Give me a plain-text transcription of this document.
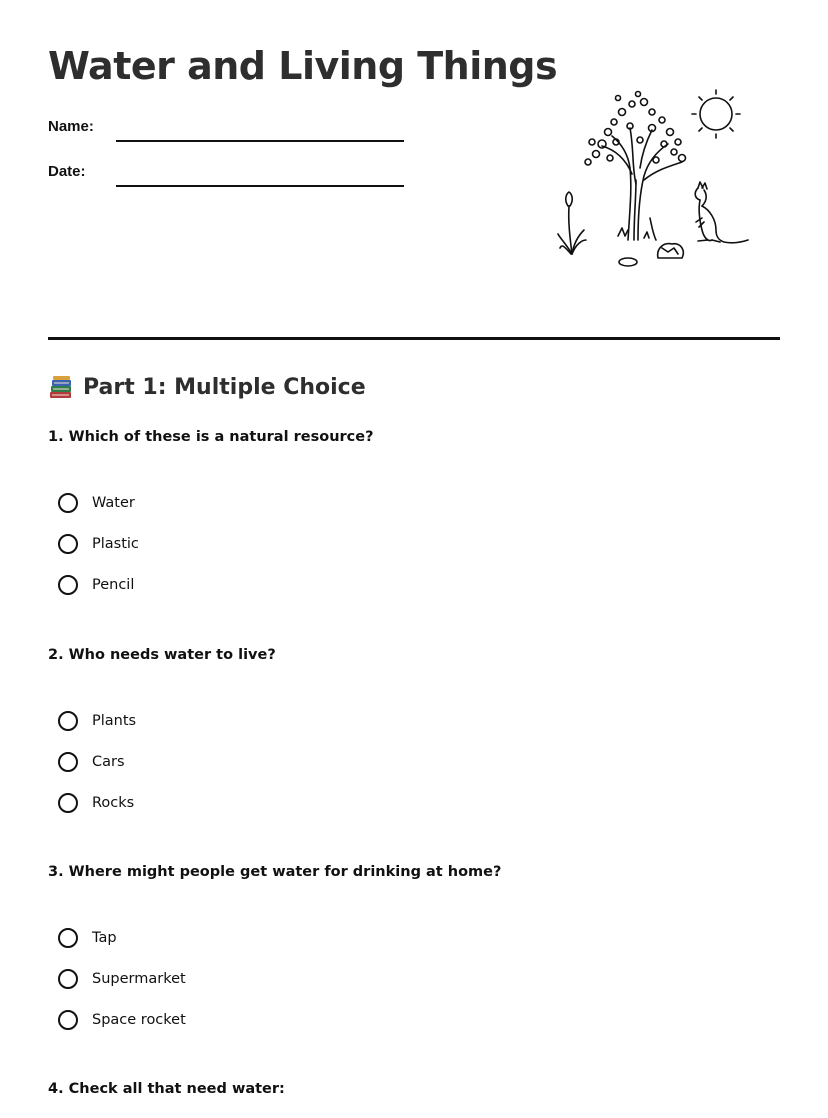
Water and Living Things
Name:
Date:
Part 1: Multiple Choice

1. Which of these is a natural resource?

Water
Plastic
Pencil

2. Who needs water to live?

Plants
Cars
Rocks

3. Where might people get water for drinking at home?

Tap
Supermarket
Space rocket

4. Check all that need water:
